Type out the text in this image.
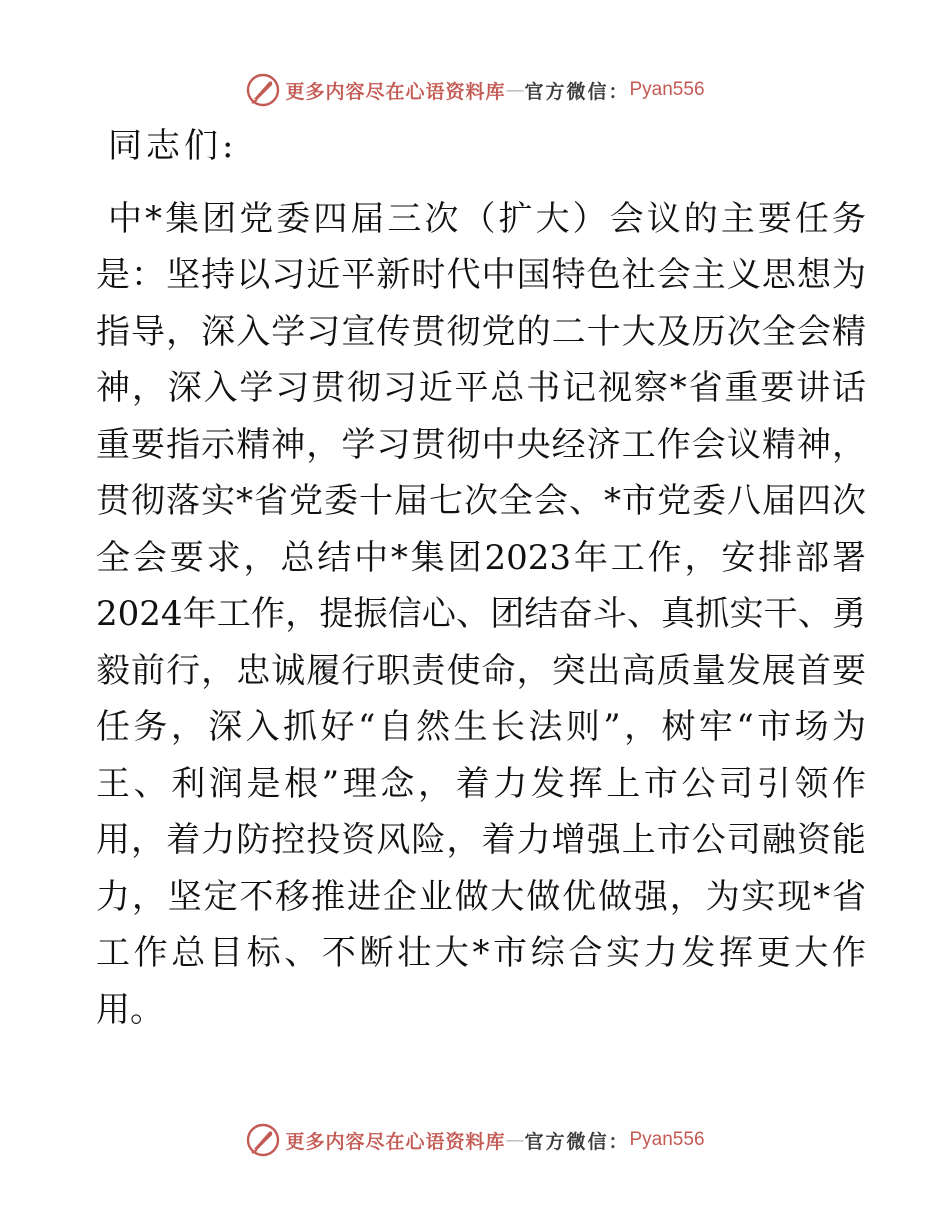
更多内容尽在心语资料库 — 官方微信： Pyan556
同志们:
中*集团党委四届三次（扩大）会议的主要任务
是：坚持以习近平新时代中国特色社会主义思想为
指导，深入学习宣传贯彻党的二十大及历次全会精
神，深入学习贯彻习近平总书记视察*省重要讲话
重要指示精神，学习贯彻中央经济工作会议精神，
贯彻落实*省党委十届七次全会、*市党委八届四次
全会要求，总结中*集团2023年工作，安排部署
2024年工作，提振信心、团结奋斗、真抓实干、勇
毅前行，忠诚履行职责使命，突出高质量发展首要
任务，深入抓好“自然生长法则”，树牢“市场为
王、利润是根”理念，着力发挥上市公司引领作
用，着力防控投资风险，着力增强上市公司融资能
力，坚定不移推进企业做大做优做强，为实现*省
工作总目标、不断壮大*市综合实力发挥更大作
用。
更多内容尽在心语资料库 — 官方微信： Pyan556
